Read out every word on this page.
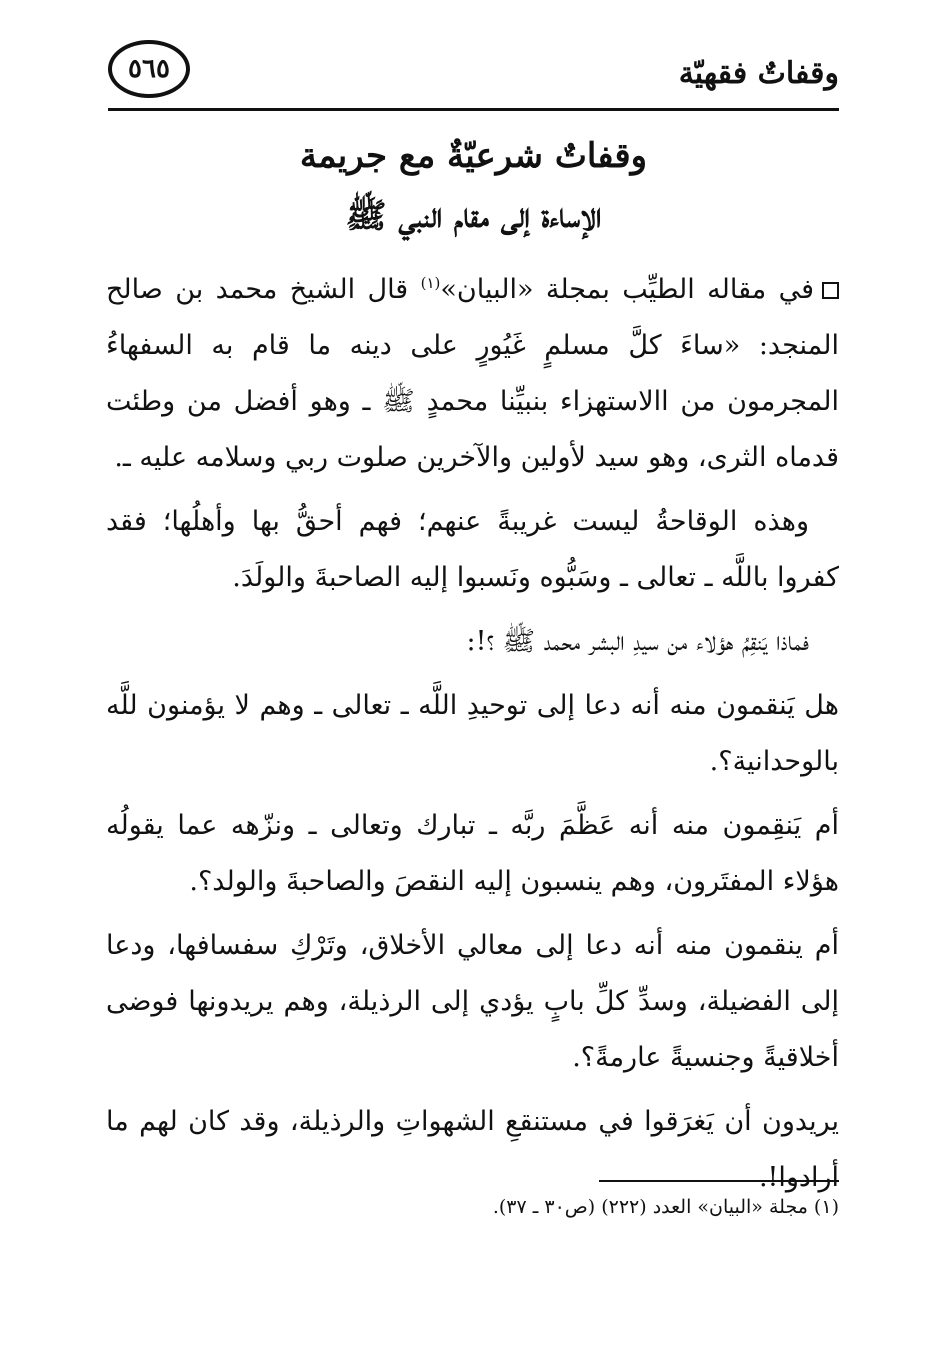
وقفاتٌ فقهيّة
٥٦٥
وقفاتٌ شرعيّةٌ مع جريمة
الإساءة إلى مقام النبي ﷺ

في مقاله الطيِّب بمجلة «البيان»$^{(١)}$ قال الشيخ محمد بن صالح المنجد: «ساءَ كلَّ مسلمٍ غَيُورٍ على دينه ما قام به السفهاءُ المجرمون من االاستهزاء بنبيِّنا محمدٍ ﷺ ـ وهو أفضل من وطئت قدماه الثرى، وهو سيد لأولين والآخرين صلوت ربي وسلامه عليه ـ.

وهذه الوقاحةُ ليست غريبةً عنهم؛ فهم أحقُّ بها وأهلُها؛ فقد كفروا باللَّه ـ تعالى ـ وسَبُّوه ونَسبوا إليه الصاحبةَ والولَدَ.

فماذا يَنقِمُ هؤلاء من سيدِ البشر محمد ﷺ ؟!:

هل يَنقمون منه أنه دعا إلى توحيدِ اللَّه ـ تعالى ـ وهم لا يؤمنون للَّه بالوحدانية؟.

أم يَنقِمون منه أنه عَظَّمَ ربَّه ـ تبارك وتعالى ـ ونزّهه عما يقولُه هؤلاء المفتَرون، وهم ينسبون إليه النقصَ والصاحبةَ والولد؟.

أم ينقمون منه أنه دعا إلى معالي الأخلاق، وتَرْكِ سفسافها، ودعا إلى الفضيلة، وسدِّ كلِّ بابٍ يؤدي إلى الرذيلة، وهم يريدونها فوضى أخلاقيةً وجنسيةً عارمةً؟.

يريدون أن يَغرَقوا في مستنقعِ الشهواتِ والرذيلة، وقد كان لهم ما أرادوا!.

(١) مجلة «البيان» العدد (٢٢٢) (ص٣٠ ـ ٣٧).
